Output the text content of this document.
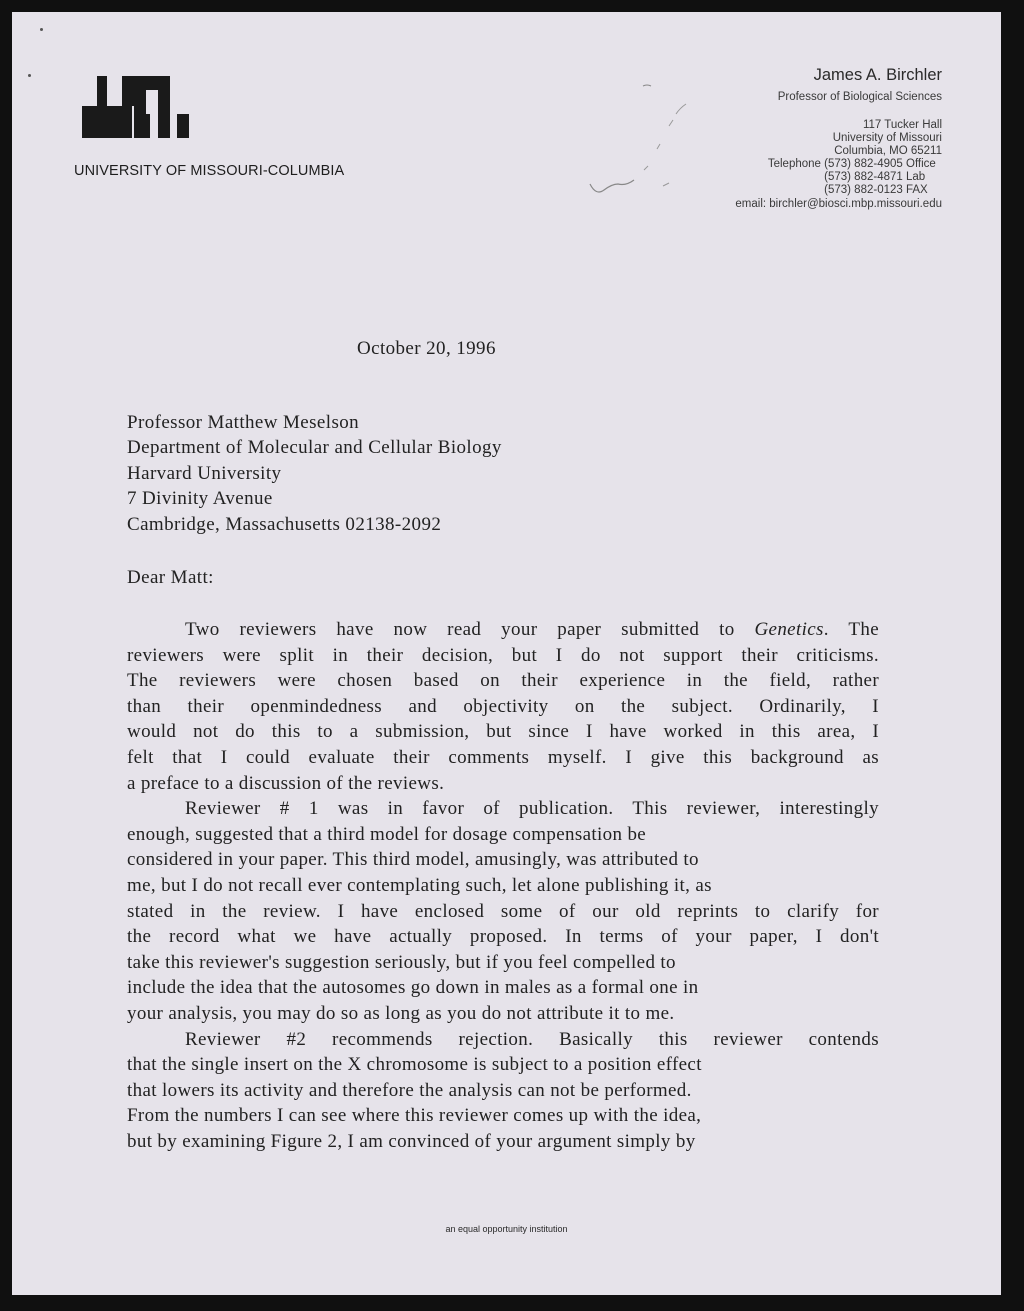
UNIVERSITY OF MISSOURI-COLUMBIA
James A. Birchler
Professor of Biological Sciences
117 Tucker Hall
University of Missouri
Columbia, MO 65211
Telephone (573) 882-4905 Office
(573) 882-4871 Lab
(573) 882-0123 FAX
email: birchler@biosci.mbp.missouri.edu
October 20, 1996
Professor Matthew Meselson
Department of Molecular and Cellular Biology
Harvard University
7 Divinity Avenue
Cambridge, Massachusetts 02138-2092
Dear Matt:
Two reviewers have now read your paper submitted to Genetics. The
reviewers were split in their decision, but I do not support their criticisms.
The reviewers were chosen based on their experience in the field, rather
than their openmindedness and objectivity on the subject. Ordinarily, I
would not do this to a submission, but since I have worked in this area, I
felt that I could evaluate their comments myself. I give this background as
a preface to a discussion of the reviews.
Reviewer # 1 was in favor of publication. This reviewer, interestingly
enough, suggested that a third model for dosage compensation be
considered in your paper. This third model, amusingly, was attributed to
me, but I do not recall ever contemplating such, let alone publishing it, as
stated in the review. I have enclosed some of our old reprints to clarify for
the record what we have actually proposed. In terms of your paper, I don't
take this reviewer's suggestion seriously, but if you feel compelled to
include the idea that the autosomes go down in males as a formal one in
your analysis, you may do so as long as you do not attribute it to me.
Reviewer #2 recommends rejection. Basically this reviewer contends
that the single insert on the X chromosome is subject to a position effect
that lowers its activity and therefore the analysis can not be performed.
From the numbers I can see where this reviewer comes up with the idea,
but by examining Figure 2, I am convinced of your argument simply by
an equal opportunity institution
